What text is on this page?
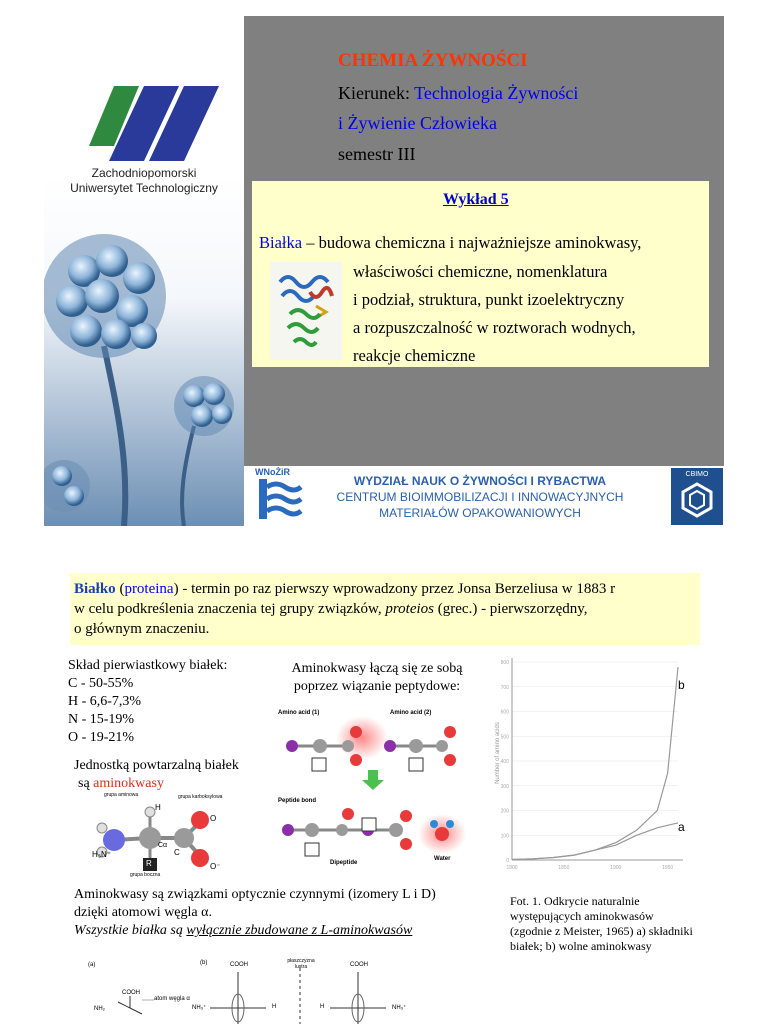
Zachodniopomorski
Uniwersytet Technologiczny
CHEMIA ŻYWNOŚCI
Kierunek: Technologia Żywności
i Żywienie Człowieka
semestr III
Wykład 5
Białka – budowa chemiczna i najważniejsze aminokwasy,
właściwości chemiczne, nomenklatura
i podział, struktura, punkt izoelektryczny
a rozpuszczalność w roztworach wodnych,
reakcje chemiczne
WNoŻiR
WYDZIAŁ NAUK O ŻYWNOŚCI I RYBACTWA
CENTRUM BIOIMMOBILIZACJI I INNOWACYJNYCH
MATERIAŁÓW OPAKOWANIOWYCH
CBIMO
Białko (proteina) - termin po raz pierwszy wprowadzony przez Jonsa Berzeliusa w 1883 r
w celu podkreślenia znaczenia tej grupy związków, proteios (grec.) - pierwszorzędny,
o głównym znaczeniu.
Skład pierwiastkowy białek:
C - 50-55%
H - 6,6-7,3%
N - 15-19%
O - 19-21%
Jednostką powtarzalną białek
są aminokwasy
grupa aminowa	grupa karboksylowa
grupa boczna
H
H₃N⁺
Cα
C
O
O⁻
R
Aminokwasy łączą się ze sobą
poprzez wiązanie peptydowe:
Amino acid (1)	Amino acid (2)
Peptide bond
Dipeptide
Water
1800	1850	1900	1950
0
100
200
300
400
500
600
700
800
b
a
Number of amino acids
Fot. 1. Odkrycie naturalnie
występujących aminokwasów
(zgodnie z Meister, 1965) a) składniki
białek; b) wolne aminokwasy
Aminokwasy są związkami optycznie czynnymi (izomery L i D)
dzięki atomowi węgla α.
Wszystkie białka są wyłącznie zbudowane z L-aminokwasów
(a)	(b)
COOH
atom węgla α
NH₂
COOH
NH₃⁺	H
płaszczyzna lustra	COOH
H	NH₃⁺
